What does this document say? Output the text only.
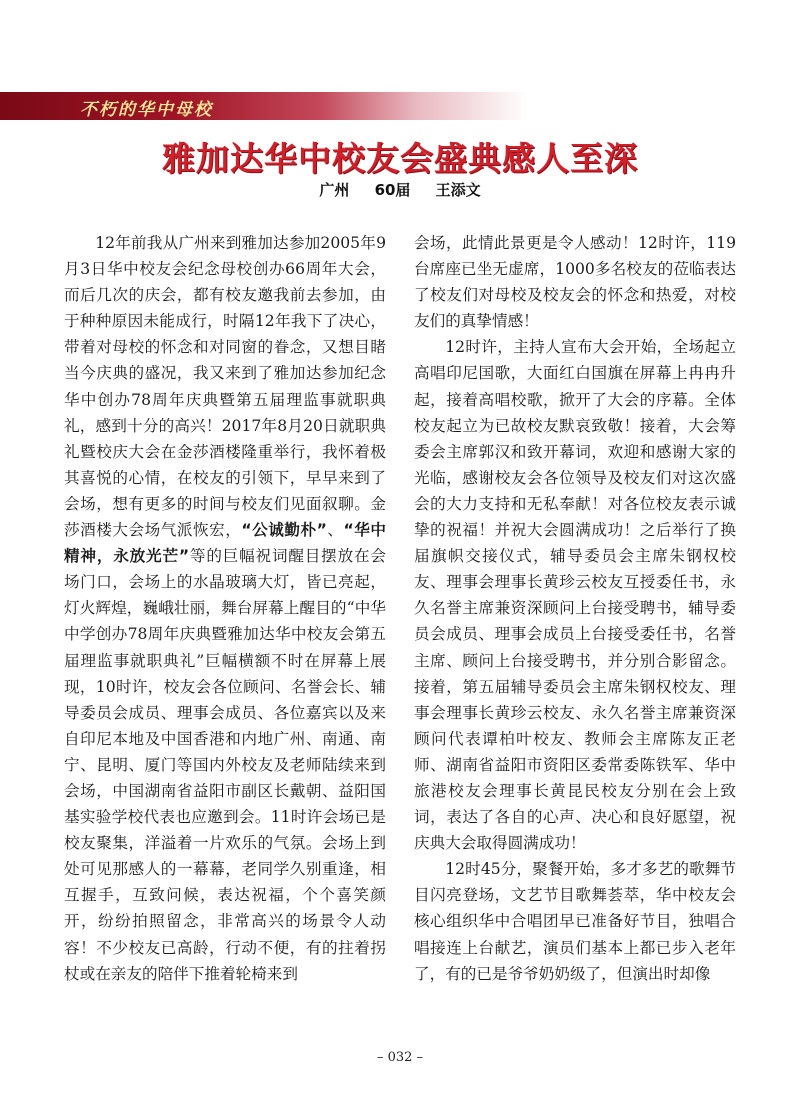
不朽的华中母校
雅加达华中校友会盛典感人至深
广州 60届 王添文

12年前我从广州来到雅加达参加2005年9月3日华中校友会纪念母校创办66周年大会，而后几次的庆会，都有校友邀我前去参加，由于种种原因未能成行，时隔12年我下了决心，带着对母校的怀念和对同窗的眷念，又想目睹当今庆典的盛况，我又来到了雅加达参加纪念华中创办78周年庆典暨第五届理监事就职典礼，感到十分的高兴！2017年8月20日就职典礼暨校庆大会在金莎酒楼隆重举行，我怀着极其喜悦的心情，在校友的引领下，早早来到了会场，想有更多的时间与校友们见面叙聊。金莎酒楼大会场气派恢宏，“公诚勤朴”、“华中精神，永放光芒”等的巨幅祝词醒目摆放在会场门口，会场上的水晶玻璃大灯，皆已亮起，灯火辉煌，巍峨壮丽，舞台屏幕上醒目的“中华中学创办78周年庆典暨雅加达华中校友会第五届理监事就职典礼”巨幅横额不时在屏幕上展现，10时许，校友会各位顾问、名誉会长、辅导委员会成员、理事会成员、各位嘉宾以及来自印尼本地及中国香港和内地广州、南通、南宁、昆明、厦门等国内外校友及老师陆续来到会场，中国湖南省益阳市副区长戴朝、益阳国基实验学校代表也应邀到会。11时许会场已是校友聚集，洋溢着一片欢乐的气氛。会场上到处可见那感人的一幕幕，老同学久别重逢，相互握手，互致问候，表达祝福，个个喜笑颜开，纷纷拍照留念，非常高兴的场景令人动容！不少校友已高龄，行动不便，有的拄着拐杖或在亲友的陪伴下推着轮椅来到

会场，此情此景更是令人感动！12时许，119台席座已坐无虚席，1000多名校友的莅临表达了校友们对母校及校友会的怀念和热爱，对校友们的真挚情感！

12时许，主持人宣布大会开始，全场起立高唱印尼国歌，大面红白国旗在屏幕上冉冉升起，接着高唱校歌，掀开了大会的序幕。全体校友起立为已故校友默哀致敬！接着，大会筹委会主席郭汉和致开幕词，欢迎和感谢大家的光临，感谢校友会各位领导及校友们对这次盛会的大力支持和无私奉献！对各位校友表示诚挚的祝福！并祝大会圆满成功！之后举行了换届旗帜交接仪式，辅导委员会主席朱钢权校友、理事会理事长黄珍云校友互授委任书，永久名誉主席兼资深顾问上台接受聘书，辅导委员会成员、理事会成员上台接受委任书，名誉主席、顾问上台接受聘书，并分别合影留念。接着，第五届辅导委员会主席朱钢权校友、理事会理事长黄珍云校友、永久名誉主席兼资深顾问代表谭柏叶校友、教师会主席陈友正老师、湖南省益阳市资阳区委常委陈铁军、华中旅港校友会理事长黄昆民校友分别在会上致词，表达了各自的心声、决心和良好愿望，祝庆典大会取得圆满成功！

12时45分，聚餐开始，多才多艺的歌舞节目闪亮登场，文艺节目歌舞荟萃，华中校友会核心组织华中合唱团早已准备好节目，独唱合唱接连上台献艺，演员们基本上都已步入老年了，有的已是爷爷奶奶级了，但演出时却像

– 032 –
